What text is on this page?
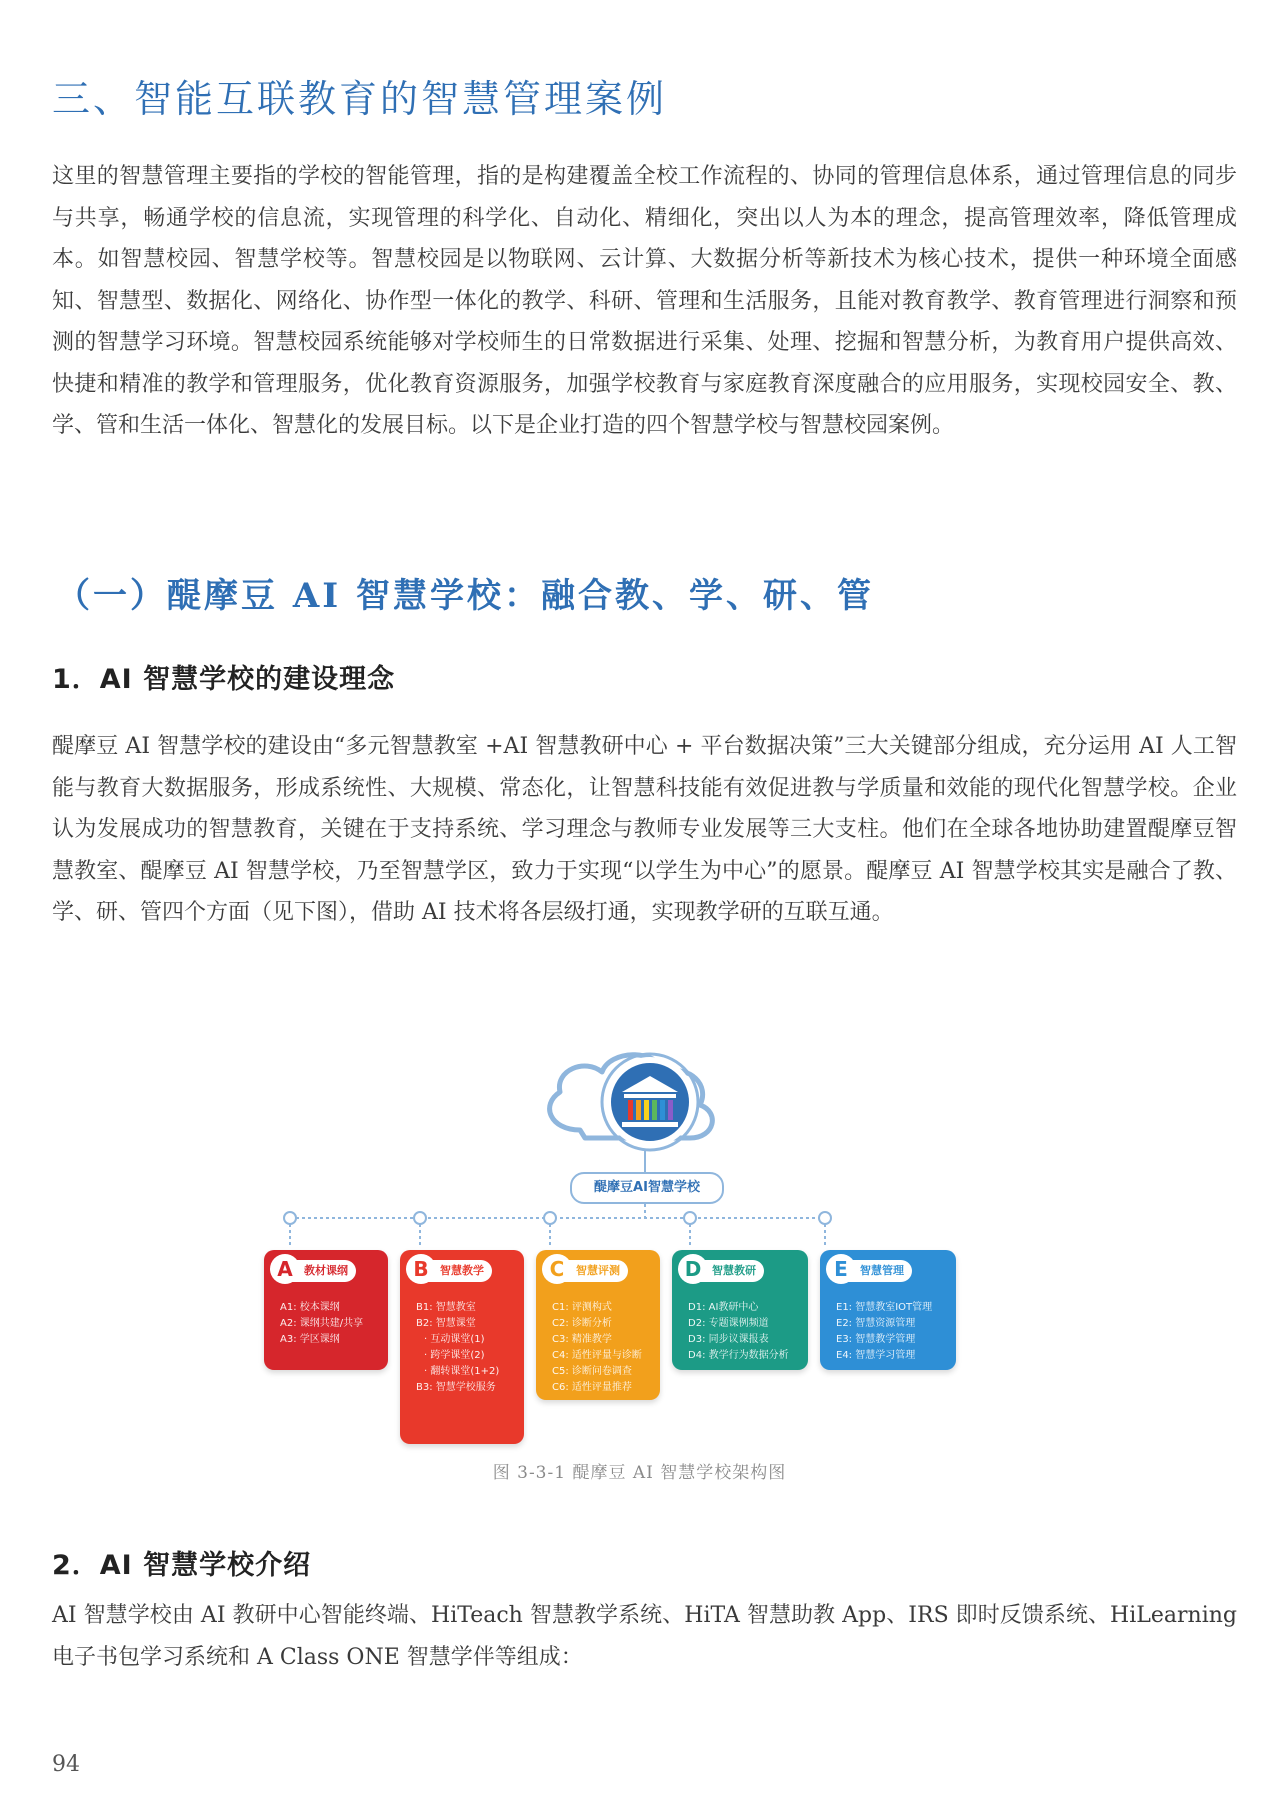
三、智能互联教育的智慧管理案例
这里的智慧管理主要指的学校的智能管理，指的是构建覆盖全校工作流程的、协同的管理信息体系，通过管理信息的同步与共享，畅通学校的信息流，实现管理的科学化、自动化、精细化，突出以人为本的理念，提高管理效率，降低管理成本。如智慧校园、智慧学校等。智慧校园是以物联网、云计算、大数据分析等新技术为核心技术，提供一种环境全面感知、智慧型、数据化、网络化、协作型一体化的教学、科研、管理和生活服务，且能对教育教学、教育管理进行洞察和预测的智慧学习环境。智慧校园系统能够对学校师生的日常数据进行采集、处理、挖掘和智慧分析，为教育用户提供高效、快捷和精准的教学和管理服务，优化教育资源服务，加强学校教育与家庭教育深度融合的应用服务，实现校园安全、教、学、管和生活一体化、智慧化的发展目标。以下是企业打造的四个智慧学校与智慧校园案例。
（一）醍摩豆 AI 智慧学校：融合教、学、研、管
1．AI 智慧学校的建设理念
醍摩豆 AI 智慧学校的建设由“多元智慧教室 +AI 智慧教研中心 + 平台数据决策”三大关键部分组成，充分运用 AI 人工智能与教育大数据服务，形成系统性、大规模、常态化，让智慧科技能有效促进教与学质量和效能的现代化智慧学校。企业认为发展成功的智慧教育，关键在于支持系统、学习理念与教师专业发展等三大支柱。他们在全球各地协助建置醍摩豆智慧教室、醍摩豆 AI 智慧学校，乃至智慧学区，致力于实现“以学生为中心”的愿景。醍摩豆 AI 智慧学校其实是融合了教、学、研、管四个方面（见下图），借助 AI 技术将各层级打通，实现教学研的互联互通。
醍摩豆AI智慧学校
A	教材课纲
A1: 校本课纲
A2: 课纲共建/共享
A3: 学区课纲
B	智慧教学
B1: 智慧教室
B2: 智慧课堂
· 互动课堂(1)
· 跨学课堂(2)
· 翻转课堂(1+2)
B3: 智慧学校服务
C	智慧评测
C1: 评测构式
C2: 诊断分析
C3: 精准教学
C4: 适性评量与诊断
C5: 诊断问卷调查
C6: 适性评量推荐
D 智慧教研
D1: AI教研中心
D2: 专题课例频道
D3: 同步议课报表
D4: 教学行为数据分析
E	智慧管理
E1: 智慧教室IOT管理
E2: 智慧资源管理
E3: 智慧教学管理
E4: 智慧学习管理
图 3-3-1 醍摩豆 AI 智慧学校架构图
2．AI 智慧学校介绍
AI 智慧学校由 AI 教研中心智能终端、HiTeach 智慧教学系统、HiTA 智慧助教 App、IRS 即时反馈系统、HiLearning 电子书包学习系统和 A Class ONE 智慧学伴等组成：
94
